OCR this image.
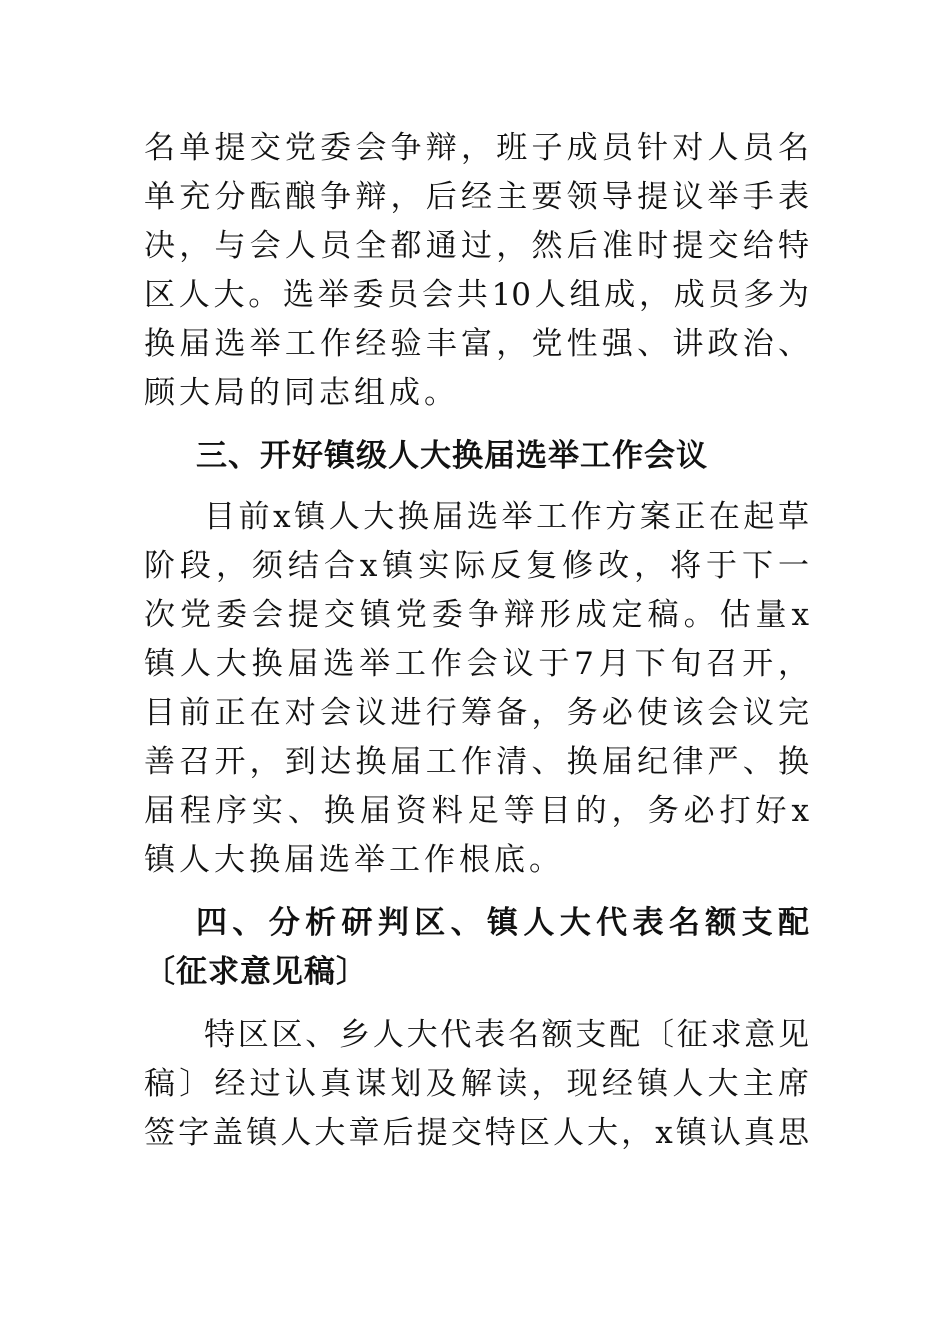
名单提交党委会争辩，班子成员针对人员名
单充分酝酿争辩，后经主要领导提议举手表
决，与会人员全都通过，然后准时提交给特
区人大。选举委员会共10人组成，成员多为
换届选举工作经验丰富，党性强、讲政治、
顾大局的同志组成。
三、开好镇级人大换届选举工作会议
目前x镇人大换届选举工作方案正在起草
阶段，须结合x镇实际反复修改，将于下一
次党委会提交镇党委争辩形成定稿。估量x
镇人大换届选举工作会议于7月下旬召开，
目前正在对会议进行筹备，务必使该会议完
善召开，到达换届工作清、换届纪律严、换
届程序实、换届资料足等目的，务必打好x
镇人大换届选举工作根底。
四、分析研判区、镇人大代表名额支配
〔征求意见稿〕
特区区、乡人大代表名额支配〔征求意见
稿〕经过认真谋划及解读，现经镇人大主席
签字盖镇人大章后提交特区人大，x镇认真思
